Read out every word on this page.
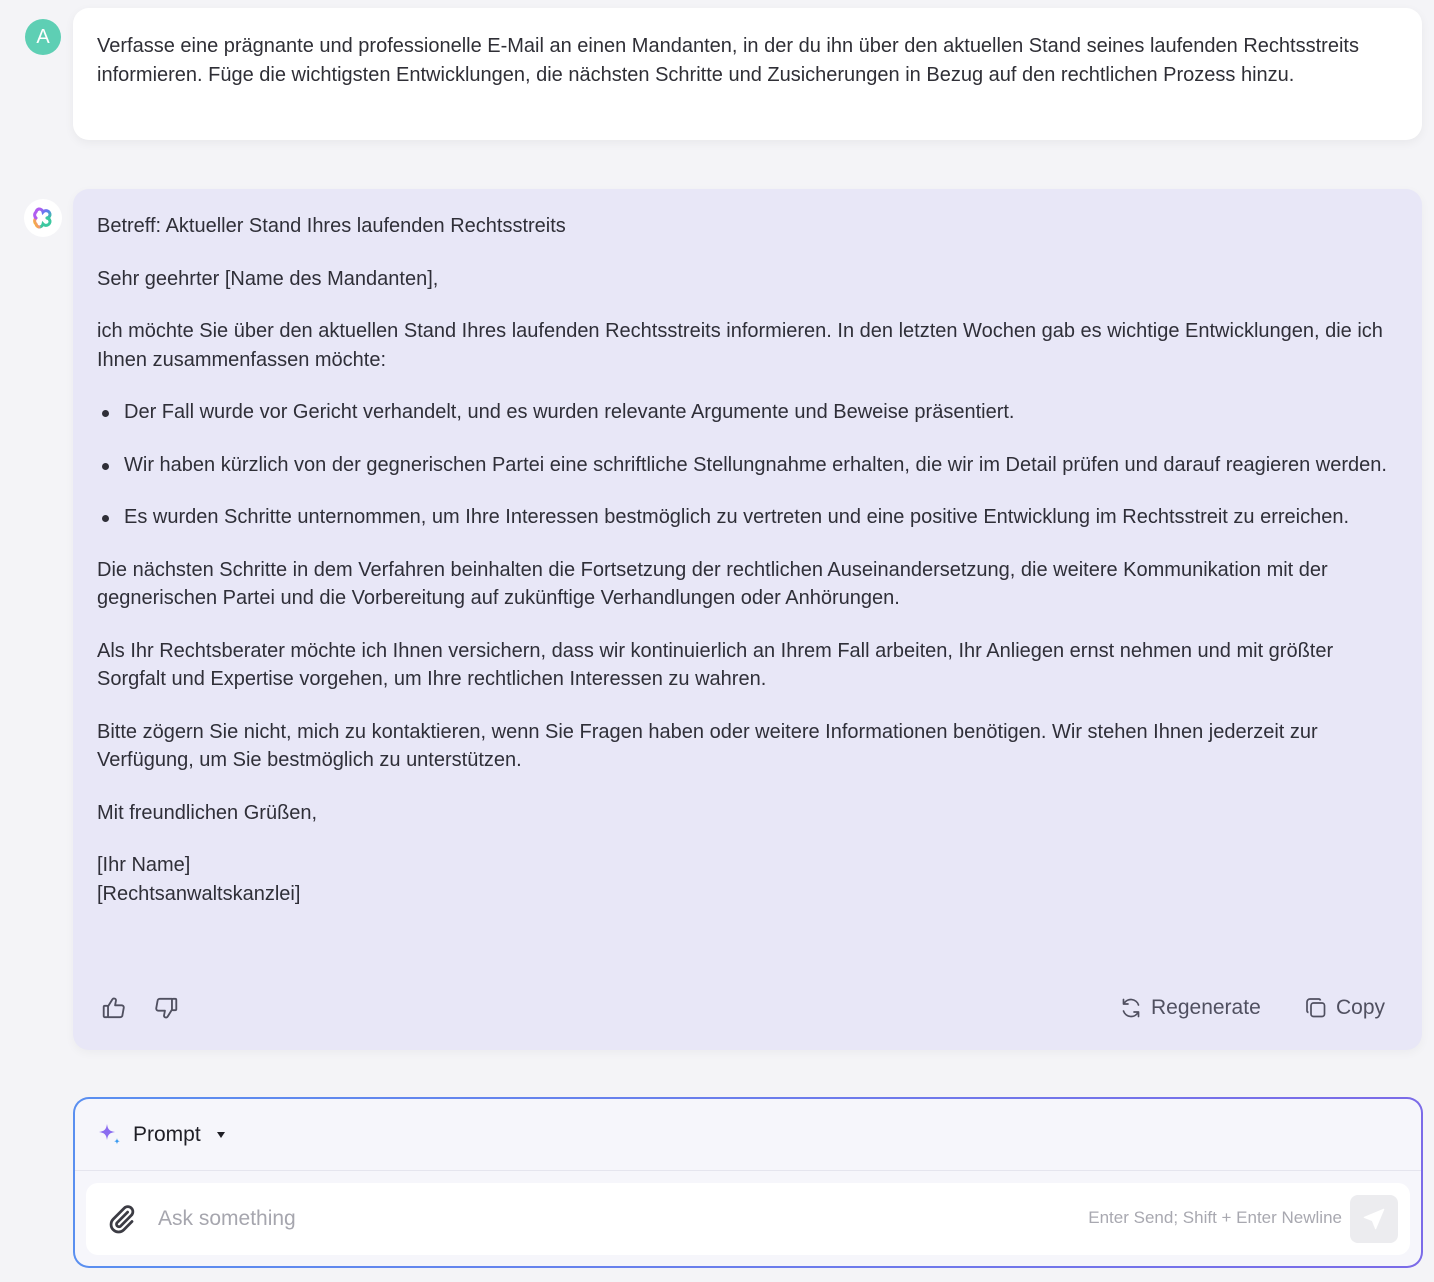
A Verfasse eine prägnante und professionelle E-Mail an einen Mandanten, in der du ihn über den aktuellen Stand seines laufenden Rechtsstreits informieren. Füge die wichtigsten Entwicklungen, die nächsten Schritte und Zusicherungen in Bezug auf den rechtlichen Prozess hinzu.

Betreff: Aktueller Stand Ihres laufenden Rechtsstreits

Sehr geehrter [Name des Mandanten],

ich möchte Sie über den aktuellen Stand Ihres laufenden Rechtsstreits informieren. In den letzten Wochen gab es wichtige Entwicklungen, die ich Ihnen zusammenfassen möchte:

Der Fall wurde vor Gericht verhandelt, und es wurden relevante Argumente und Beweise präsentiert.
Wir haben kürzlich von der gegnerischen Partei eine schriftliche Stellungnahme erhalten, die wir im Detail prüfen und darauf reagieren werden.
Es wurden Schritte unternommen, um Ihre Interessen bestmöglich zu vertreten und eine positive Entwicklung im Rechtsstreit zu erreichen.

Die nächsten Schritte in dem Verfahren beinhalten die Fortsetzung der rechtlichen Auseinandersetzung, die weitere Kommunikation mit der gegnerischen Partei und die Vorbereitung auf zukünftige Verhandlungen oder Anhörungen.

Als Ihr Rechtsberater möchte ich Ihnen versichern, dass wir kontinuierlich an Ihrem Fall arbeiten, Ihr Anliegen ernst nehmen und mit größter Sorgfalt und Expertise vorgehen, um Ihre rechtlichen Interessen zu wahren.

Bitte zögern Sie nicht, mich zu kontaktieren, wenn Sie Fragen haben oder weitere Informationen benötigen. Wir stehen Ihnen jederzeit zur Verfügung, um Sie bestmöglich zu unterstützen.

Mit freundlichen Grüßen,

[Ihr Name]

[Rechtsanwaltskanzlei]

Regenerate	Copy
Prompt
Ask something
Enter Send; Shift + Enter Newline
